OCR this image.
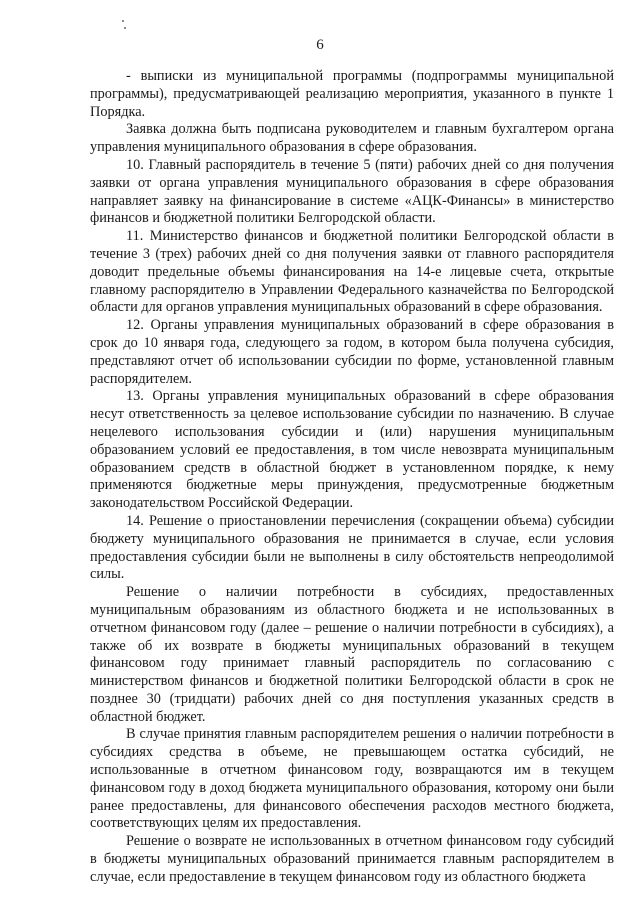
6

- выписки из муниципальной программы (подпрограммы муниципальной программы), предусматривающей реализацию мероприятия, указанного в пункте 1 Порядка.

Заявка должна быть подписана руководителем и главным бухгалтером органа управления муниципального образования в сфере образования.

10. Главный распорядитель в течение 5 (пяти) рабочих дней со дня получения заявки от органа управления муниципального образования в сфере образования направляет заявку на финансирование в системе «АЦК-Финансы» в министерство финансов и бюджетной политики Белгородской области.

11. Министерство финансов и бюджетной политики Белгородской области в течение 3 (трех) рабочих дней со дня получения заявки от главного распорядителя доводит предельные объемы финансирования на 14-е лицевые счета, открытые главному распорядителю в Управлении Федерального казначейства по Белгородской области для органов управления муниципальных образований в сфере образования.

12. Органы управления муниципальных образований в сфере образования в срок до 10 января года, следующего за годом, в котором была получена субсидия, представляют отчет об использовании субсидии по форме, установленной главным распорядителем.

13. Органы управления муниципальных образований в сфере образования несут ответственность за целевое использование субсидии по назначению. В случае нецелевого использования субсидии и (или) нарушения муниципальным образованием условий ее предоставления, в том числе невозврата муниципальным образованием средств в областной бюджет в установленном порядке, к нему применяются бюджетные меры принуждения, предусмотренные бюджетным законодательством Российской Федерации.

14. Решение о приостановлении перечисления (сокращении объема) субсидии бюджету муниципального образования не принимается в случае, если условия предоставления субсидии были не выполнены в силу обстоятельств непреодолимой силы.

Решение о наличии потребности в субсидиях, предоставленных муниципальным образованиям из областного бюджета и не использованных в отчетном финансовом году (далее – решение о наличии потребности в субсидиях), а также об их возврате в бюджеты муниципальных образований в текущем финансовом году принимает главный распорядитель по согласованию с министерством финансов и бюджетной политики Белгородской области в срок не позднее 30 (тридцати) рабочих дней со дня поступления указанных средств в областной бюджет.

В случае принятия главным распорядителем решения о наличии потребности в субсидиях средства в объеме, не превышающем остатка субсидий, не использованные в отчетном финансовом году, возвращаются им в текущем финансовом году в доход бюджета муниципального образования, которому они были ранее предоставлены, для финансового обеспечения расходов местного бюджета, соответствующих целям их предоставления.

Решение о возврате не использованных в отчетном финансовом году субсидий в бюджеты муниципальных образований принимается главным распорядителем в случае, если предоставление в текущем финансовом году из областного бюджета
